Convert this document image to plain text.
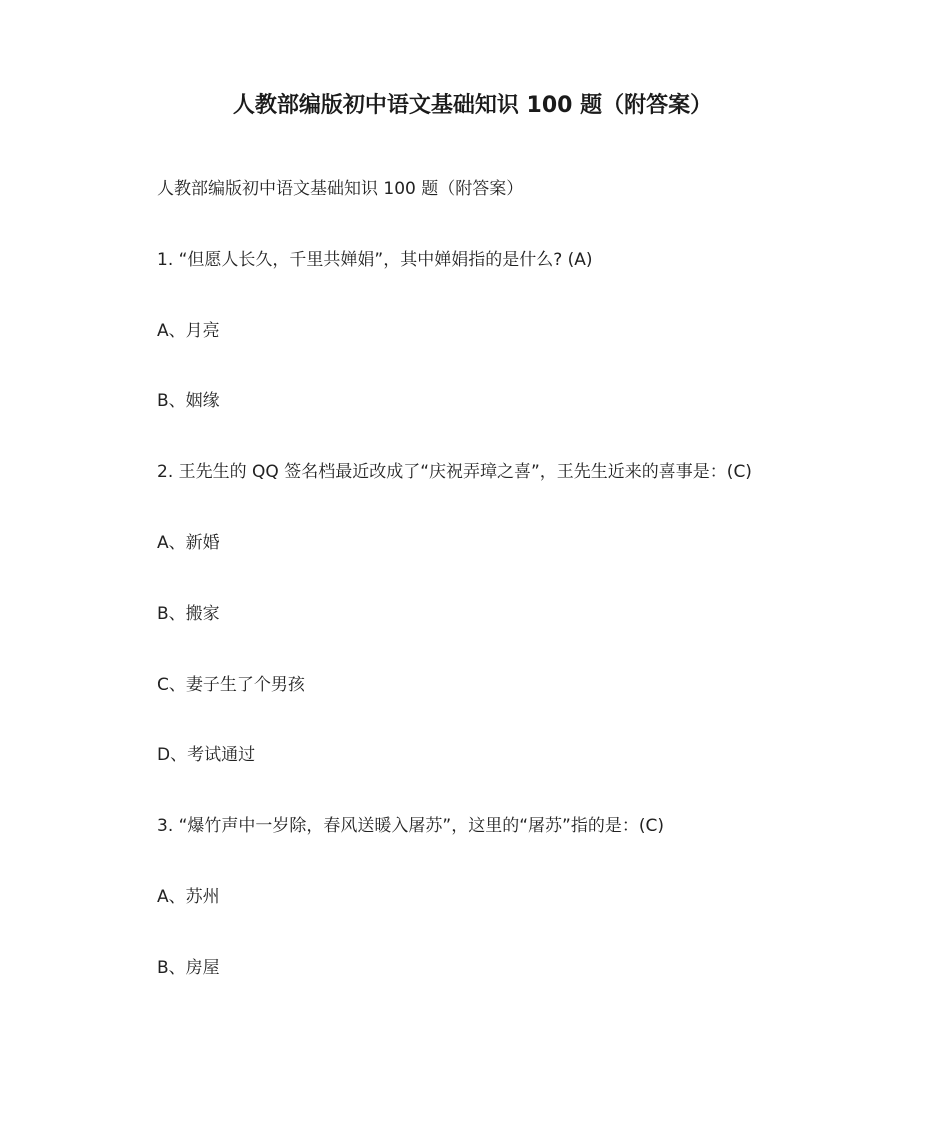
人教部编版初中语文基础知识 100 题（附答案）
人教部编版初中语文基础知识 100 题（附答案）
1. “但愿人长久，千里共婵娟”，其中婵娟指的是什么? (A)
A、月亮
B、姻缘
2. 王先生的 QQ 签名档最近改成了“庆祝弄璋之喜”，王先生近来的喜事是：(C)
A、新婚
B、搬家
C、妻子生了个男孩
D、考试通过
3. “爆竹声中一岁除，春风送暖入屠苏”，这里的“屠苏”指的是：(C)
A、苏州
B、房屋
